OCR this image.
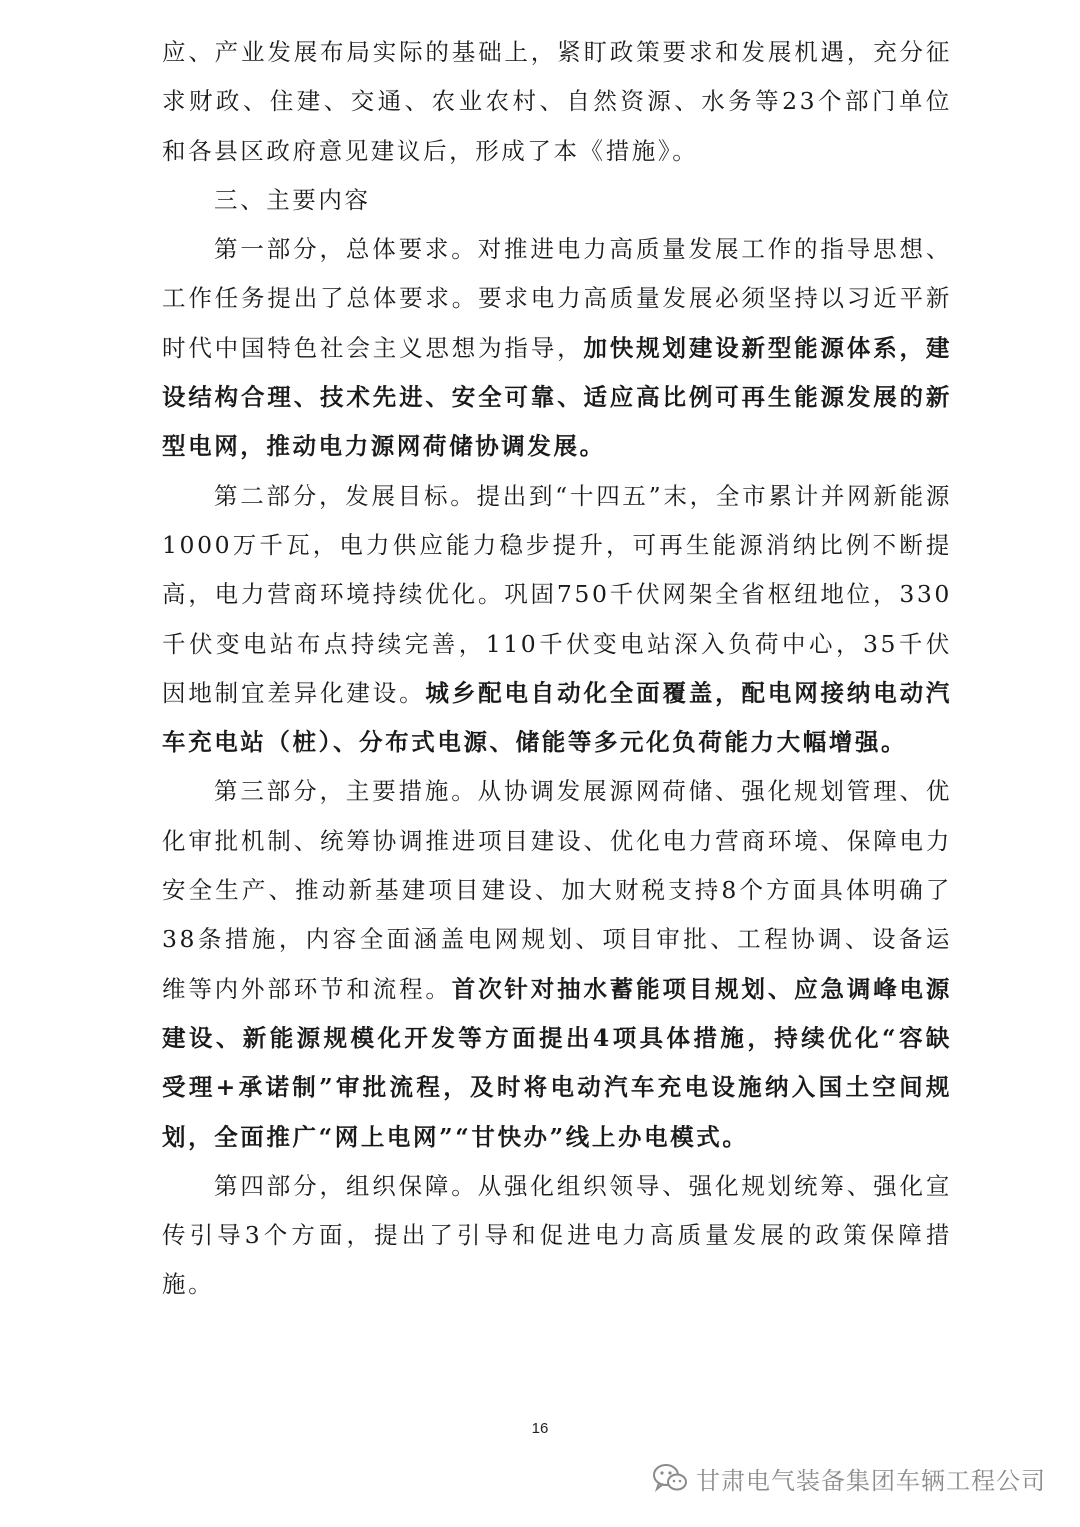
应、产业发展布局实际的基础上，紧盯政策要求和发展机遇，充分征求财政、住建、交通、农业农村、自然资源、水务等23个部门单位和各县区政府意见建议后，形成了本《措施》。

三、主要内容

第一部分，总体要求。对推进电力高质量发展工作的指导思想、工作任务提出了总体要求。要求电力高质量发展必须坚持以习近平新时代中国特色社会主义思想为指导，加快规划建设新型能源体系，建设结构合理、技术先进、安全可靠、适应高比例可再生能源发展的新型电网，推动电力源网荷储协调发展。

第二部分，发展目标。提出到“十四五”末，全市累计并网新能源1000万千瓦，电力供应能力稳步提升，可再生能源消纳比例不断提高，电力营商环境持续优化。巩固750千伏网架全省枢纽地位，330千伏变电站布点持续完善，110千伏变电站深入负荷中心，35千伏因地制宜差异化建设。城乡配电自动化全面覆盖，配电网接纳电动汽车充电站（桩）、分布式电源、储能等多元化负荷能力大幅增强。

第三部分，主要措施。从协调发展源网荷储、强化规划管理、优化审批机制、统筹协调推进项目建设、优化电力营商环境、保障电力安全生产、推动新基建项目建设、加大财税支持8个方面具体明确了38条措施，内容全面涵盖电网规划、项目审批、工程协调、设备运维等内外部环节和流程。首次针对抽水蓄能项目规划、应急调峰电源建设、新能源规模化开发等方面提出4项具体措施，持续优化“容缺受理+承诺制”审批流程，及时将电动汽车充电设施纳入国土空间规划，全面推广“网上电网”“甘快办”线上办电模式。

第四部分，组织保障。从强化组织领导、强化规划统筹、强化宣传引导3个方面，提出了引导和促进电力高质量发展的政策保障措施。

16
甘肃电气装备集团车辆工程公司
